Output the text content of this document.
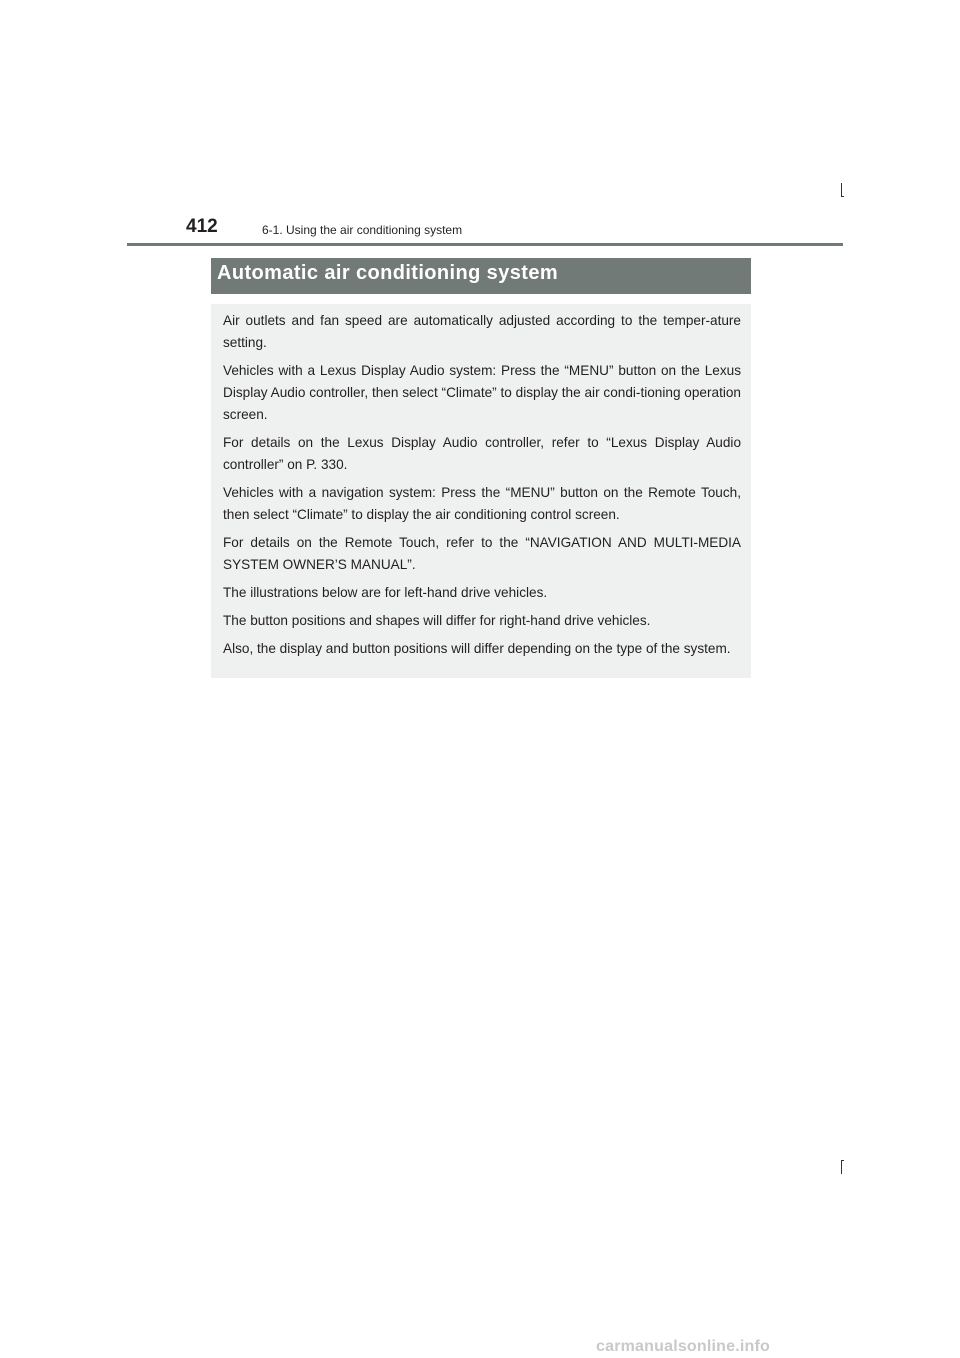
412	6-1. Using the air conditioning system
Automatic air conditioning system

Air outlets and fan speed are automatically adjusted according to the temper-ature setting.

Vehicles with a Lexus Display Audio system: Press the “MENU” button on the Lexus Display Audio controller, then select “Climate” to display the air condi-tioning operation screen.

For details on the Lexus Display Audio controller, refer to “Lexus Display Audio controller” on P. 330.

Vehicles with a navigation system: Press the “MENU” button on the Remote Touch, then select “Climate” to display the air conditioning control screen.

For details on the Remote Touch, refer to the “NAVIGATION AND MULTI-MEDIA SYSTEM OWNER’S MANUAL”.

The illustrations below are for left-hand drive vehicles.

The button positions and shapes will differ for right-hand drive vehicles.

Also, the display and button positions will differ depending on the type of the system.

carmanualsonline.info
